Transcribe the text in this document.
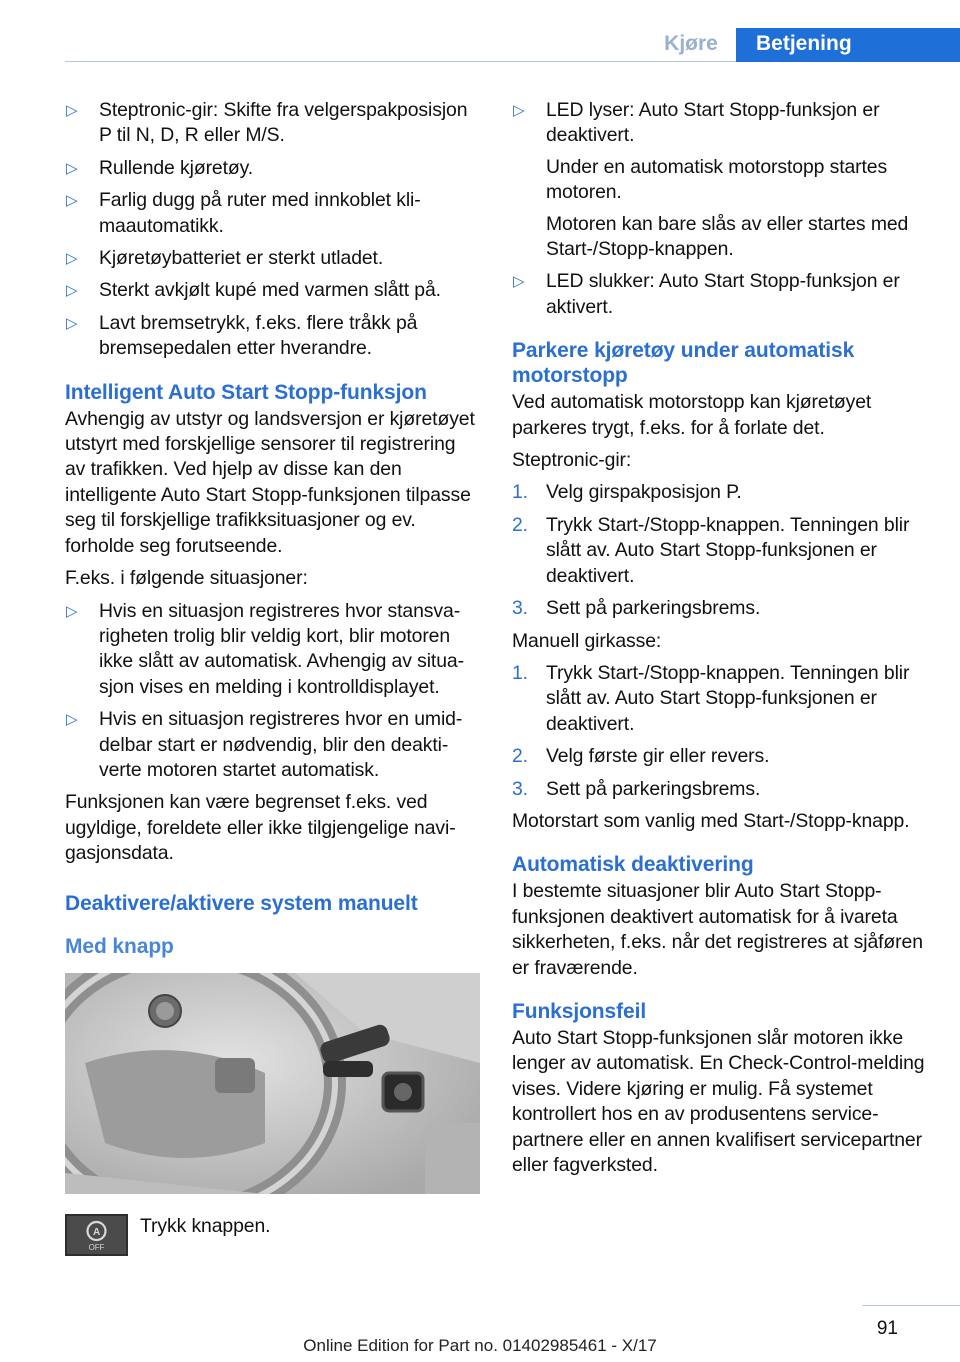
Kjøre	Betjening
▷ Steptronic-gir: Skifte fra velgerspakposisjon P til N, D, R eller M/S.
▷ Rullende kjøretøy.
▷ Farlig dugg på ruter med innkoblet klimaautomatikk.
▷ Kjøretøybatteriet er sterkt utladet.
▷ Sterkt avkjølt kupé med varmen slått på.
▷ Lavt bremsetrykk, f.eks. flere tråkk på bremsepedalen etter hverandre.
Intelligent Auto Start Stopp-funksjon

Avhengig av utstyr og landsversjon er kjøretøyet utstyrt med forskjellige sensorer til registrering av trafikken. Ved hjelp av disse kan den intelligente Auto Start Stopp-funksjonen tilpasse seg til forskjellige trafikksituasjoner og ev. forholde seg forutseende.

F.eks. i følgende situasjoner:

▷ Hvis en situasjon registreres hvor stansvarigheten trolig blir veldig kort, blir motoren ikke slått av automatisk. Avhengig av situasjon vises en melding i kontrolldisplayet.
▷ Hvis en situasjon registreres hvor en umiddelbar start er nødvendig, blir den deaktiverte motoren startet automatisk.

Funksjonen kan være begrenset f.eks. ved ugyldige, foreldete eller ikke tilgjengelige navigasjonsdata.

Deaktivere/aktivere system manuelt
Med knapp
A
OFF
Trykk knappen.
▷ LED lyser: Auto Start Stopp-funksjon er deaktivert.
Under en automatisk motorstopp startes motoren.
Motoren kan bare slås av eller startes med Start-/Stopp-knappen.
▷ LED slukker: Auto Start Stopp-funksjon er aktivert.
Parkere kjøretøy under automatisk motorstopp

Ved automatisk motorstopp kan kjøretøyet parkeres trygt, f.eks. for å forlate det.

Steptronic-gir:

1. Velg girspakposisjon P.
2. Trykk Start-/Stopp-knappen. Tenningen blir slått av. Auto Start Stopp-funksjonen er deaktivert.
3. Sett på parkeringsbrems.

Manuell girkasse:

1. Trykk Start-/Stopp-knappen. Tenningen blir slått av. Auto Start Stopp-funksjonen er deaktivert.
2. Velg første gir eller revers.
3. Sett på parkeringsbrems.

Motorstart som vanlig med Start-/Stopp-knapp.

Automatisk deaktivering

I bestemte situasjoner blir Auto Start Stopp-funksjonen deaktivert automatisk for å ivareta sikkerheten, f.eks. når det registreres at sjåføren er fraværende.

Funksjonsfeil

Auto Start Stopp-funksjonen slår motoren ikke lenger av automatisk. En Check-Control-melding vises. Videre kjøring er mulig. Få systemet kontrollert hos en av produsentens servicepartnere eller en annen kvalifisert servicepartner eller fagverksted.

91
Online Edition for Part no. 01402985461 - X/17
